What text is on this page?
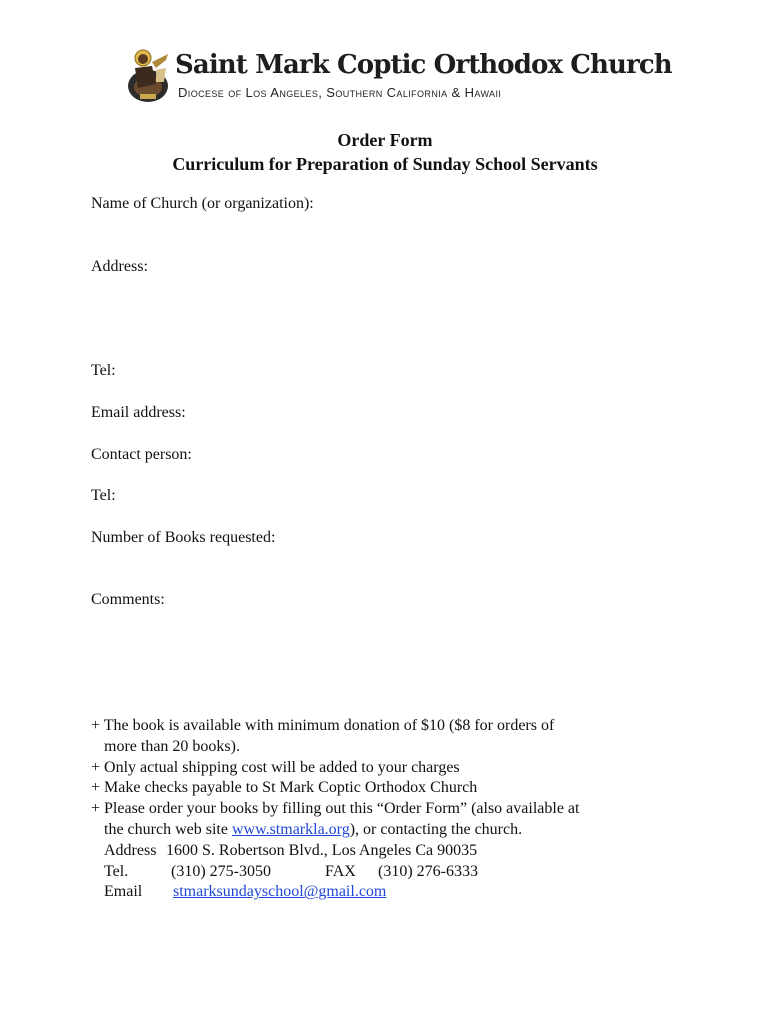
Saint Mark Coptic Orthodox Church
Diocese of Los Angeles, Southern California & Hawaii
Order Form
Curriculum for Preparation of Sunday School Servants
Name of Church (or organization):
Address:
Tel:
Email address:
Contact person:
Tel:
Number of Books requested:
Comments:
+ The book is available with minimum donation of $10 ($8 for orders of
more than 20 books).
+ Only actual shipping cost will be added to your charges
+ Make checks payable to St Mark Coptic Orthodox Church
+ Please order your books by filling out this “Order Form” (also available at
the church web site www.stmarkla.org), or contacting the church.
Address 1600 S. Robertson Blvd., Los Angeles Ca 90035
Tel.	(310) 275-3050	FAX (310) 276-6333
Email stmarksundayschool@gmail.com
